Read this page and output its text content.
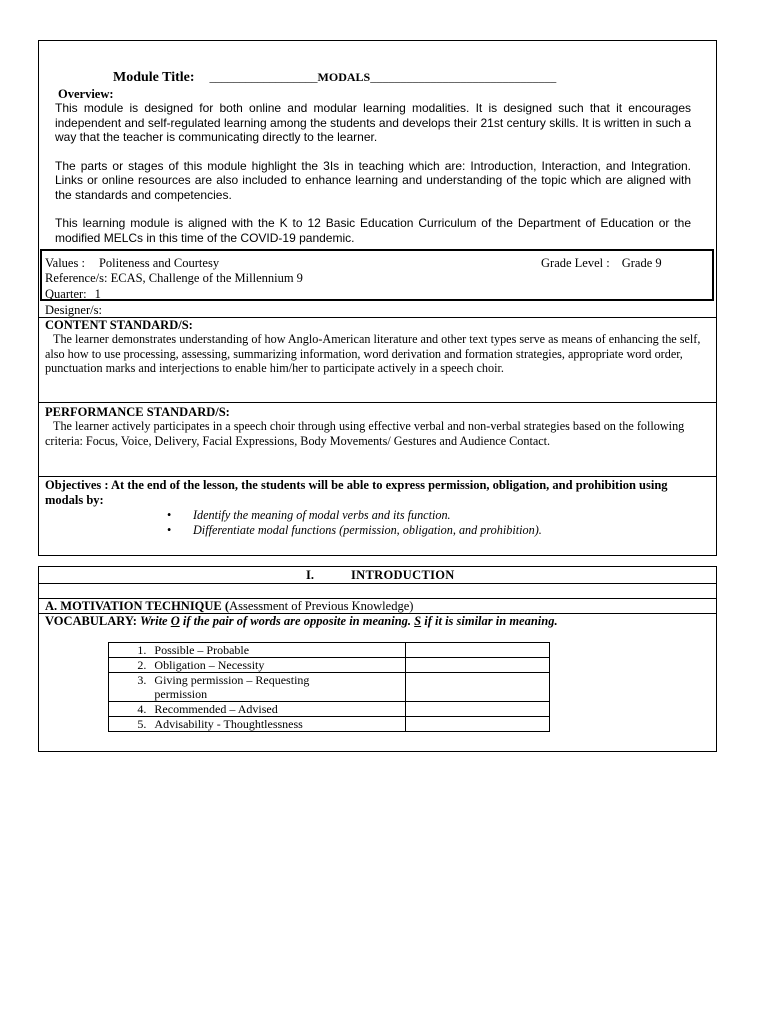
Module Title: __________________MODALS_______________________________
Overview:

This module is designed for both online and modular learning modalities. It is designed such that it encourages independent and self-regulated learning among the students and develops their 21st century skills. It is written in such a way that the teacher is communicating directly to the learner.

The parts or stages of this module highlight the 3Is in teaching which are: Introduction, Interaction, and Integration. Links or online resources are also included to enhance learning and understanding of the topic which are aligned with the standards and competencies.

This learning module is aligned with the K to 12 Basic Education Curriculum of the Department of Education or the modified MELCs in this time of the COVID-19 pandemic.

Values : Politeness and Courtesy	Grade Level : Grade 9
Reference/s: ECAS, Challenge of the Millennium 9
Quarter: 1
Designer/s:
CONTENT STANDARD/S:
The learner demonstrates understanding of how Anglo-American literature and other text types serve as means of enhancing the self, also how to use processing, assessing, summarizing information, word derivation and formation strategies, appropriate word order, punctuation marks and interjections to enable him/her to participate actively in a speech choir.
PERFORMANCE STANDARD/S:
The learner actively participates in a speech choir through using effective verbal and non-verbal strategies based on the following criteria: Focus, Voice, Delivery, Facial Expressions, Body Movements/ Gestures and Audience Contact.
Objectives : At the end of the lesson, the students will be able to express permission, obligation, and prohibition using modals by:
• Identify the meaning of modal verbs and its function.
• Differentiate modal functions (permission, obligation, and prohibition).
I.	INTRODUCTION
A. MOTIVATION TECHNIQUE (Assessment of Previous Knowledge)
VOCABULARY: Write O if the pair of words are opposite in meaning. S if it is similar in meaning.
1.	Possible – Probable	
2.	Obligation – Necessity	
3.	Giving permission – Requesting permission	
4.	Recommended – Advised	
5.	Advisability - Thoughtlessness	
